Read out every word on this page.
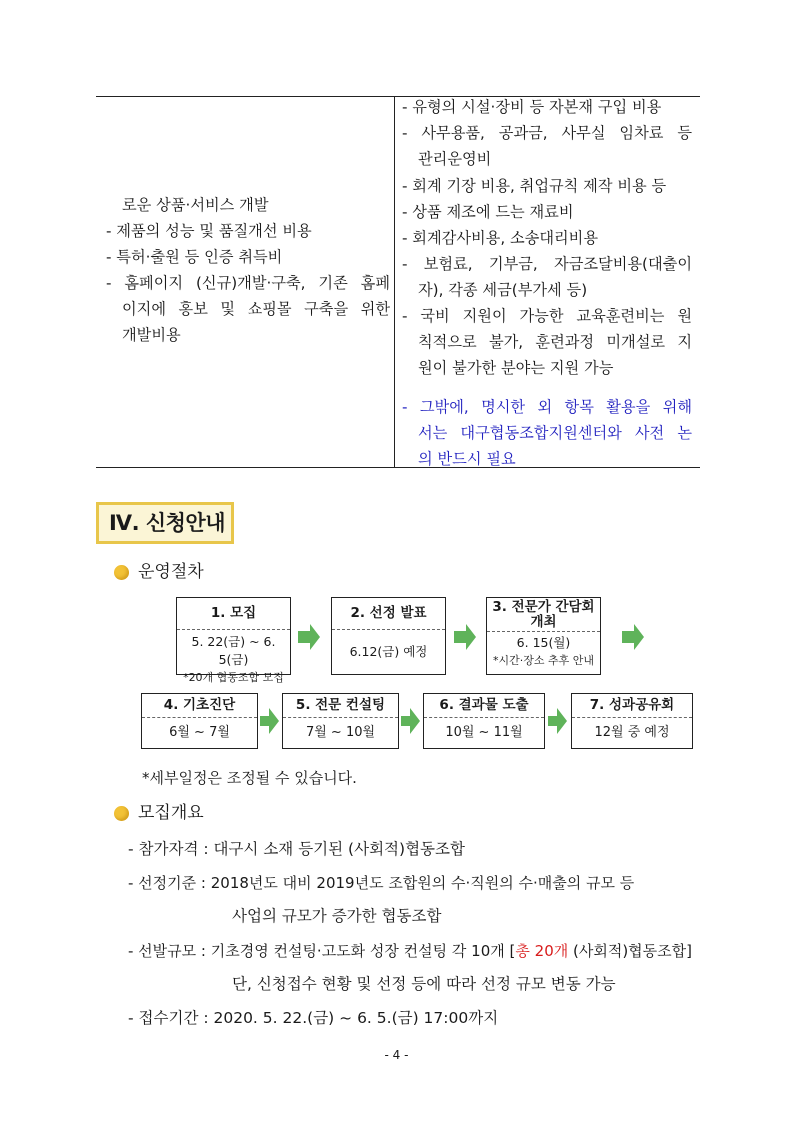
로운 상품·서비스 개발
- 제품의 성능 및 품질개선 비용
- 특허·출원 등 인증 취득비
- 홈페이지 (신규)개발·구축, 기존 홈페
이지에 홍보 및 쇼핑몰 구축을 위한
개발비용
- 유형의 시설·장비 등 자본재 구입 비용
- 사무용품, 공과금, 사무실 임차료 등
관리운영비
- 회계 기장 비용, 취업규칙 제작 비용 등
- 상품 제조에 드는 재료비
- 회계감사비용, 소송대리비용
- 보험료, 기부금, 자금조달비용(대출이
자), 각종 세금(부가세 등)
- 국비 지원이 가능한 교육훈련비는 원
칙적으로 불가, 훈련과정 미개설로 지
원이 불가한 분야는 지원 가능
- 그밖에, 명시한 외 항목 활용을 위해
서는 대구협동조합지원센터와 사전 논
의 반드시 필요
Ⅳ. 신청안내
운영절차
1. 모집
5. 22(금) ~ 6. 5(금)
*20개 협동조합 모집
2. 선정 발표
6.12(금) 예정
3. 전문가 간담회 개최
6. 15(월)
*시간·장소 추후 안내
4. 기초진단
6월 ~ 7월
5. 전문 컨설팅
7월 ~ 10월
6. 결과물 도출
10월 ~ 11월
7. 성과공유회
12월 중 예정
*세부일정은 조정될 수 있습니다.
모집개요
- 참가자격 : 대구시 소재 등기된 (사회적)협동조합
- 선정기준 : 2018년도 대비 2019년도 조합원의 수·직원의 수·매출의 규모 등
사업의 규모가 증가한 협동조합
- 선발규모 : 기초경영 컨설팅·고도화 성장 컨설팅 각 10개 [총 20개 (사회적)협동조합]
단, 신청접수 현황 및 선정 등에 따라 선정 규모 변동 가능
- 접수기간 : 2020. 5. 22.(금) ~ 6. 5.(금) 17:00까지
- 4 -
